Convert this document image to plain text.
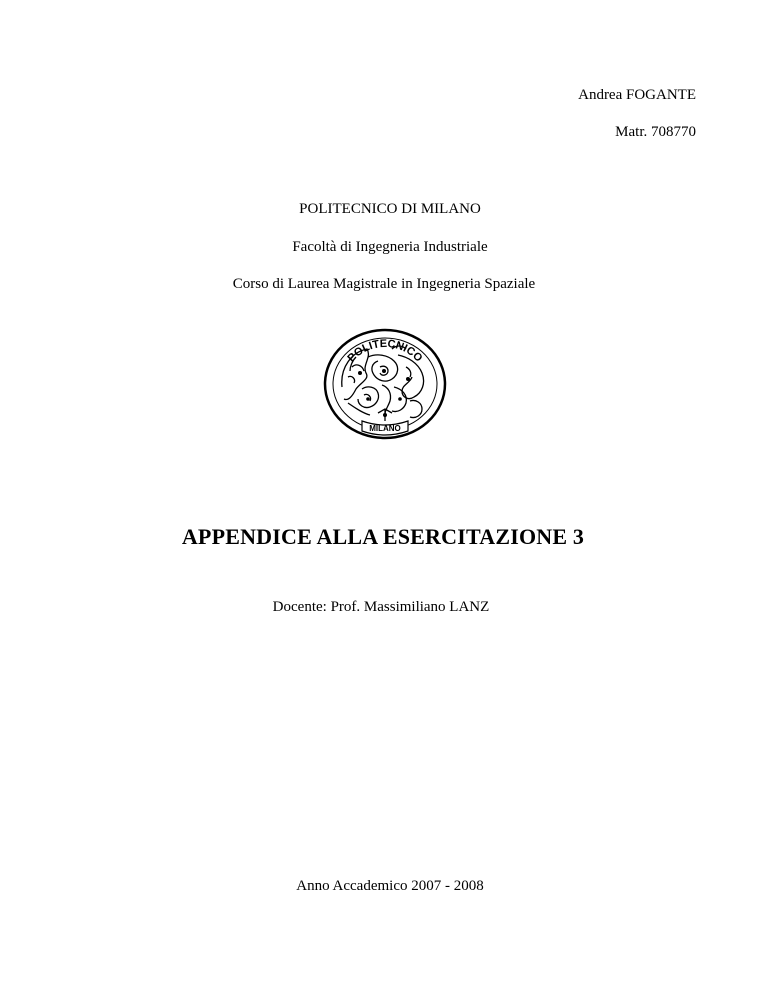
Andrea FOGANTE
Matr. 708770
POLITECNICO DI MILANO
Facoltà di Ingegneria Industriale
Corso di Laurea Magistrale in Ingegneria Spaziale
POLITECNICO
MILANO
APPENDICE ALLA ESERCITAZIONE 3
Docente: Prof. Massimiliano LANZ
Anno Accademico 2007 - 2008
